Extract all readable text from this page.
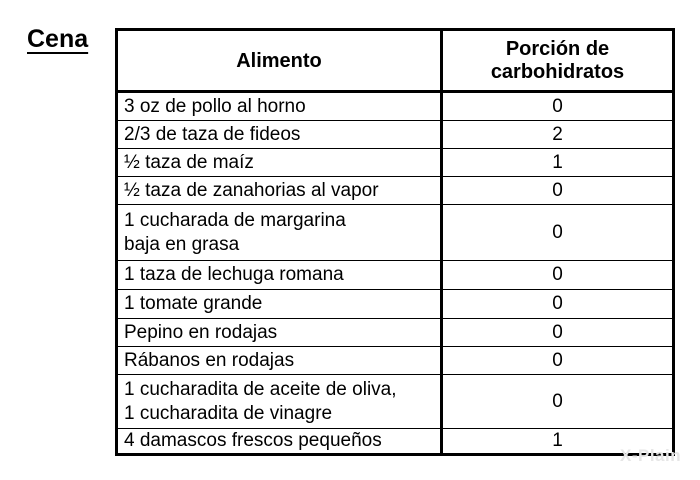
Cena
Alimento	Porción de
carbohidratos
3 oz de pollo al horno	0
2/3 de taza de fideos	2
½ taza de maíz	1
½ taza de zanahorias al vapor	0
1 cucharada de margarina
baja en grasa	0
1 taza de lechuga romana	0
1 tomate grande	0
Pepino en rodajas	0
Rábanos en rodajas	0
1 cucharadita de aceite de oliva,
1 cucharadita de vinagre	0
4 damascos frescos pequeños	1
X-Plain
